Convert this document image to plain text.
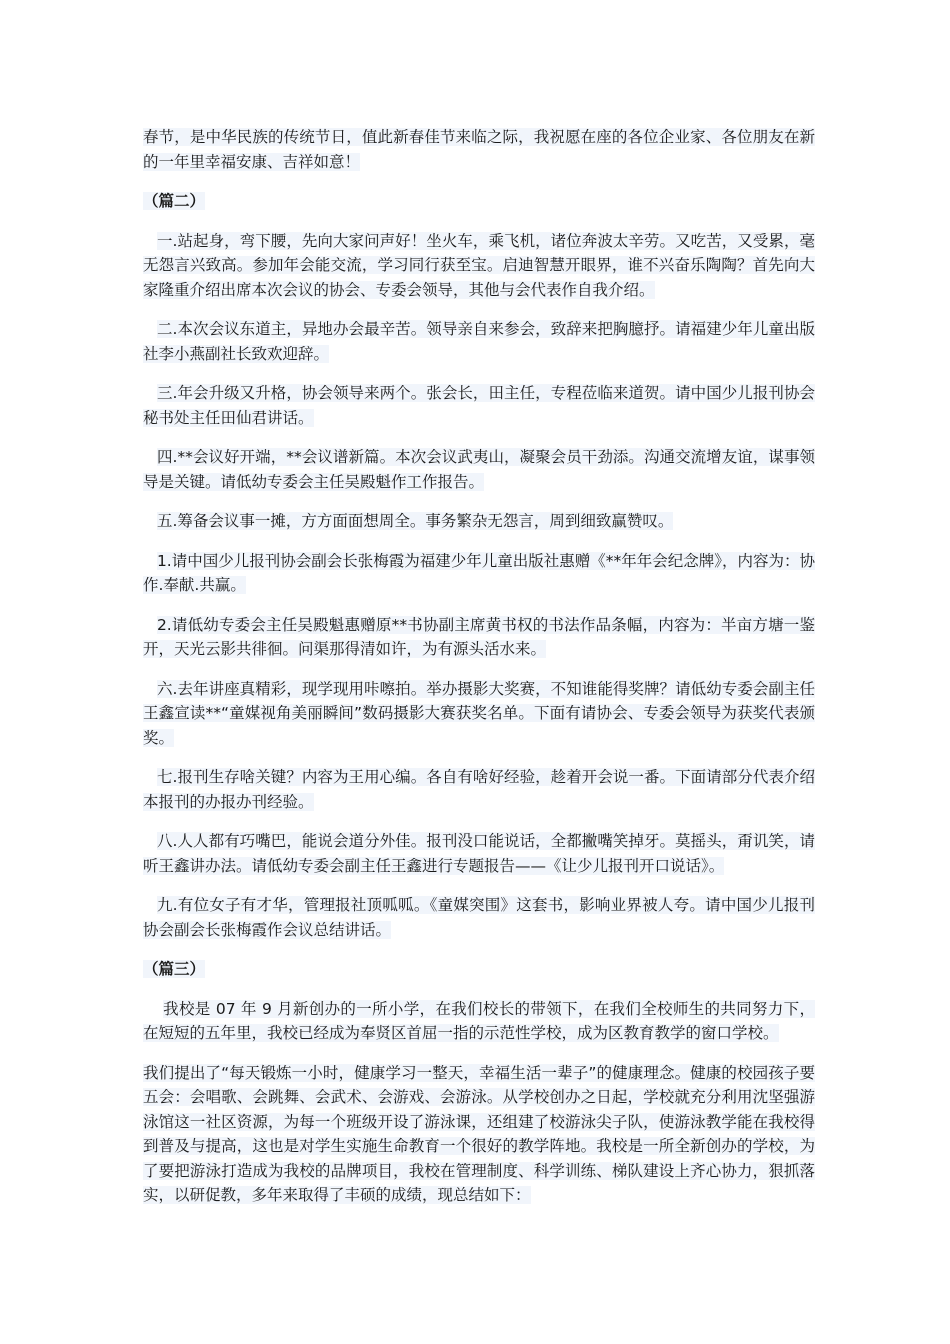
春节，是中华民族的传统节日，值此新春佳节来临之际，我祝愿在座的各位企业家、各位朋友在新的一年里幸福安康、吉祥如意！

（篇二）

一.站起身，弯下腰，先向大家问声好！坐火车，乘飞机，诸位奔波太辛劳。又吃苦，又受累，毫无怨言兴致高。参加年会能交流，学习同行获至宝。启迪智慧开眼界，谁不兴奋乐陶陶？首先向大家隆重介绍出席本次会议的协会、专委会领导，其他与会代表作自我介绍。

二.本次会议东道主，异地办会最辛苦。领导亲自来参会，致辞来把胸臆抒。请福建少年儿童出版社李小燕副社长致欢迎辞。

三.年会升级又升格，协会领导来两个。张会长，田主任，专程莅临来道贺。请中国少儿报刊协会秘书处主任田仙君讲话。

四.**会议好开端，**会议谱新篇。本次会议武夷山，凝聚会员干劲添。沟通交流增友谊，谋事领导是关键。请低幼专委会主任吴殿魁作工作报告。

五.筹备会议事一摊，方方面面想周全。事务繁杂无怨言，周到细致赢赞叹。

1.请中国少儿报刊协会副会长张梅霞为福建少年儿童出版社惠赠《**年年会纪念牌》，内容为：协作.奉献.共赢。

2.请低幼专委会主任吴殿魁惠赠原**书协副主席黄书权的书法作品条幅，内容为：半亩方塘一鉴开，天光云影共徘徊。问渠那得清如许，为有源头活水来。

六.去年讲座真精彩，现学现用咔嚓拍。举办摄影大奖赛，不知谁能得奖牌？请低幼专委会副主任王鑫宣读**“童媒视角美丽瞬间”数码摄影大赛获奖名单。下面有请协会、专委会领导为获奖代表颁奖。

七.报刊生存啥关键？内容为王用心编。各自有啥好经验，趁着开会说一番。下面请部分代表介绍本报刊的办报办刊经验。

八.人人都有巧嘴巴，能说会道分外佳。报刊没口能说话，全都撇嘴笑掉牙。莫摇头，甭讥笑，请听王鑫讲办法。请低幼专委会副主任王鑫进行专题报告——《让少儿报刊开口说话》。

九.有位女子有才华，管理报社顶呱呱。《童媒突围》这套书，影响业界被人夸。请中国少儿报刊协会副会长张梅霞作会议总结讲话。

（篇三）

我校是 07 年 9 月新创办的一所小学，在我们校长的带领下，在我们全校师生的共同努力下，在短短的五年里，我校已经成为奉贤区首屈一指的示范性学校，成为区教育教学的窗口学校。

我们提出了“每天锻炼一小时，健康学习一整天，幸福生活一辈子”的健康理念。健康的校园孩子要五会：会唱歌、会跳舞、会武术、会游戏、会游泳。从学校创办之日起，学校就充分利用沈坚强游泳馆这一社区资源，为每一个班级开设了游泳课，还组建了校游泳尖子队，使游泳教学能在我校得到普及与提高，这也是对学生实施生命教育一个很好的教学阵地。我校是一所全新创办的学校，为了要把游泳打造成为我校的品牌项目，我校在管理制度、科学训练、梯队建设上齐心协力，狠抓落实，以研促教，多年来取得了丰硕的成绩，现总结如下：
